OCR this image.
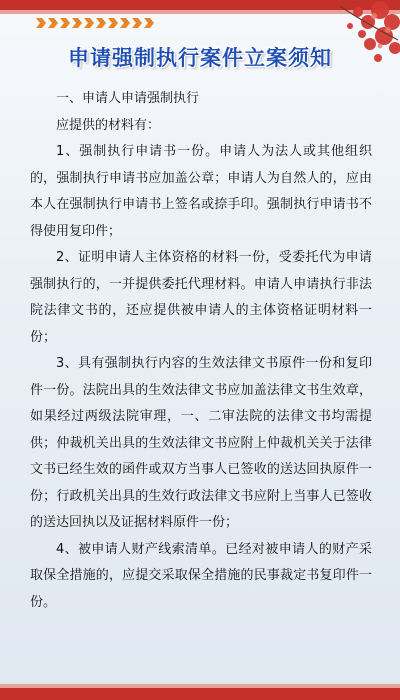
申请强制执行案件立案须知

一、申请人申请强制执行

应提供的材料有：

1、强制执行申请书一份。申请人为法人或其他组织的，强制执行申请书应加盖公章；申请人为自然人的，应由本人在强制执行申请书上签名或捺手印。强制执行申请书不得使用复印件；

2、证明申请人主体资格的材料一份，受委托代为申请强制执行的，一并提供委托代理材料。申请人申请执行非法院法律文书的，还应提供被申请人的主体资格证明材料一份；

3、具有强制执行内容的生效法律文书原件一份和复印件一份。法院出具的生效法律文书应加盖法律文书生效章，如果经过两级法院审理，一、二审法院的法律文书均需提供；仲裁机关出具的生效法律文书应附上仲裁机关关于法律文书已经生效的函件或双方当事人已签收的送达回执原件一份；行政机关出具的生效行政法律文书应附上当事人已签收的送达回执以及证据材料原件一份；

4、被申请人财产线索清单。已经对被申请人的财产采取保全措施的，应提交采取保全措施的民事裁定书复印件一份。
